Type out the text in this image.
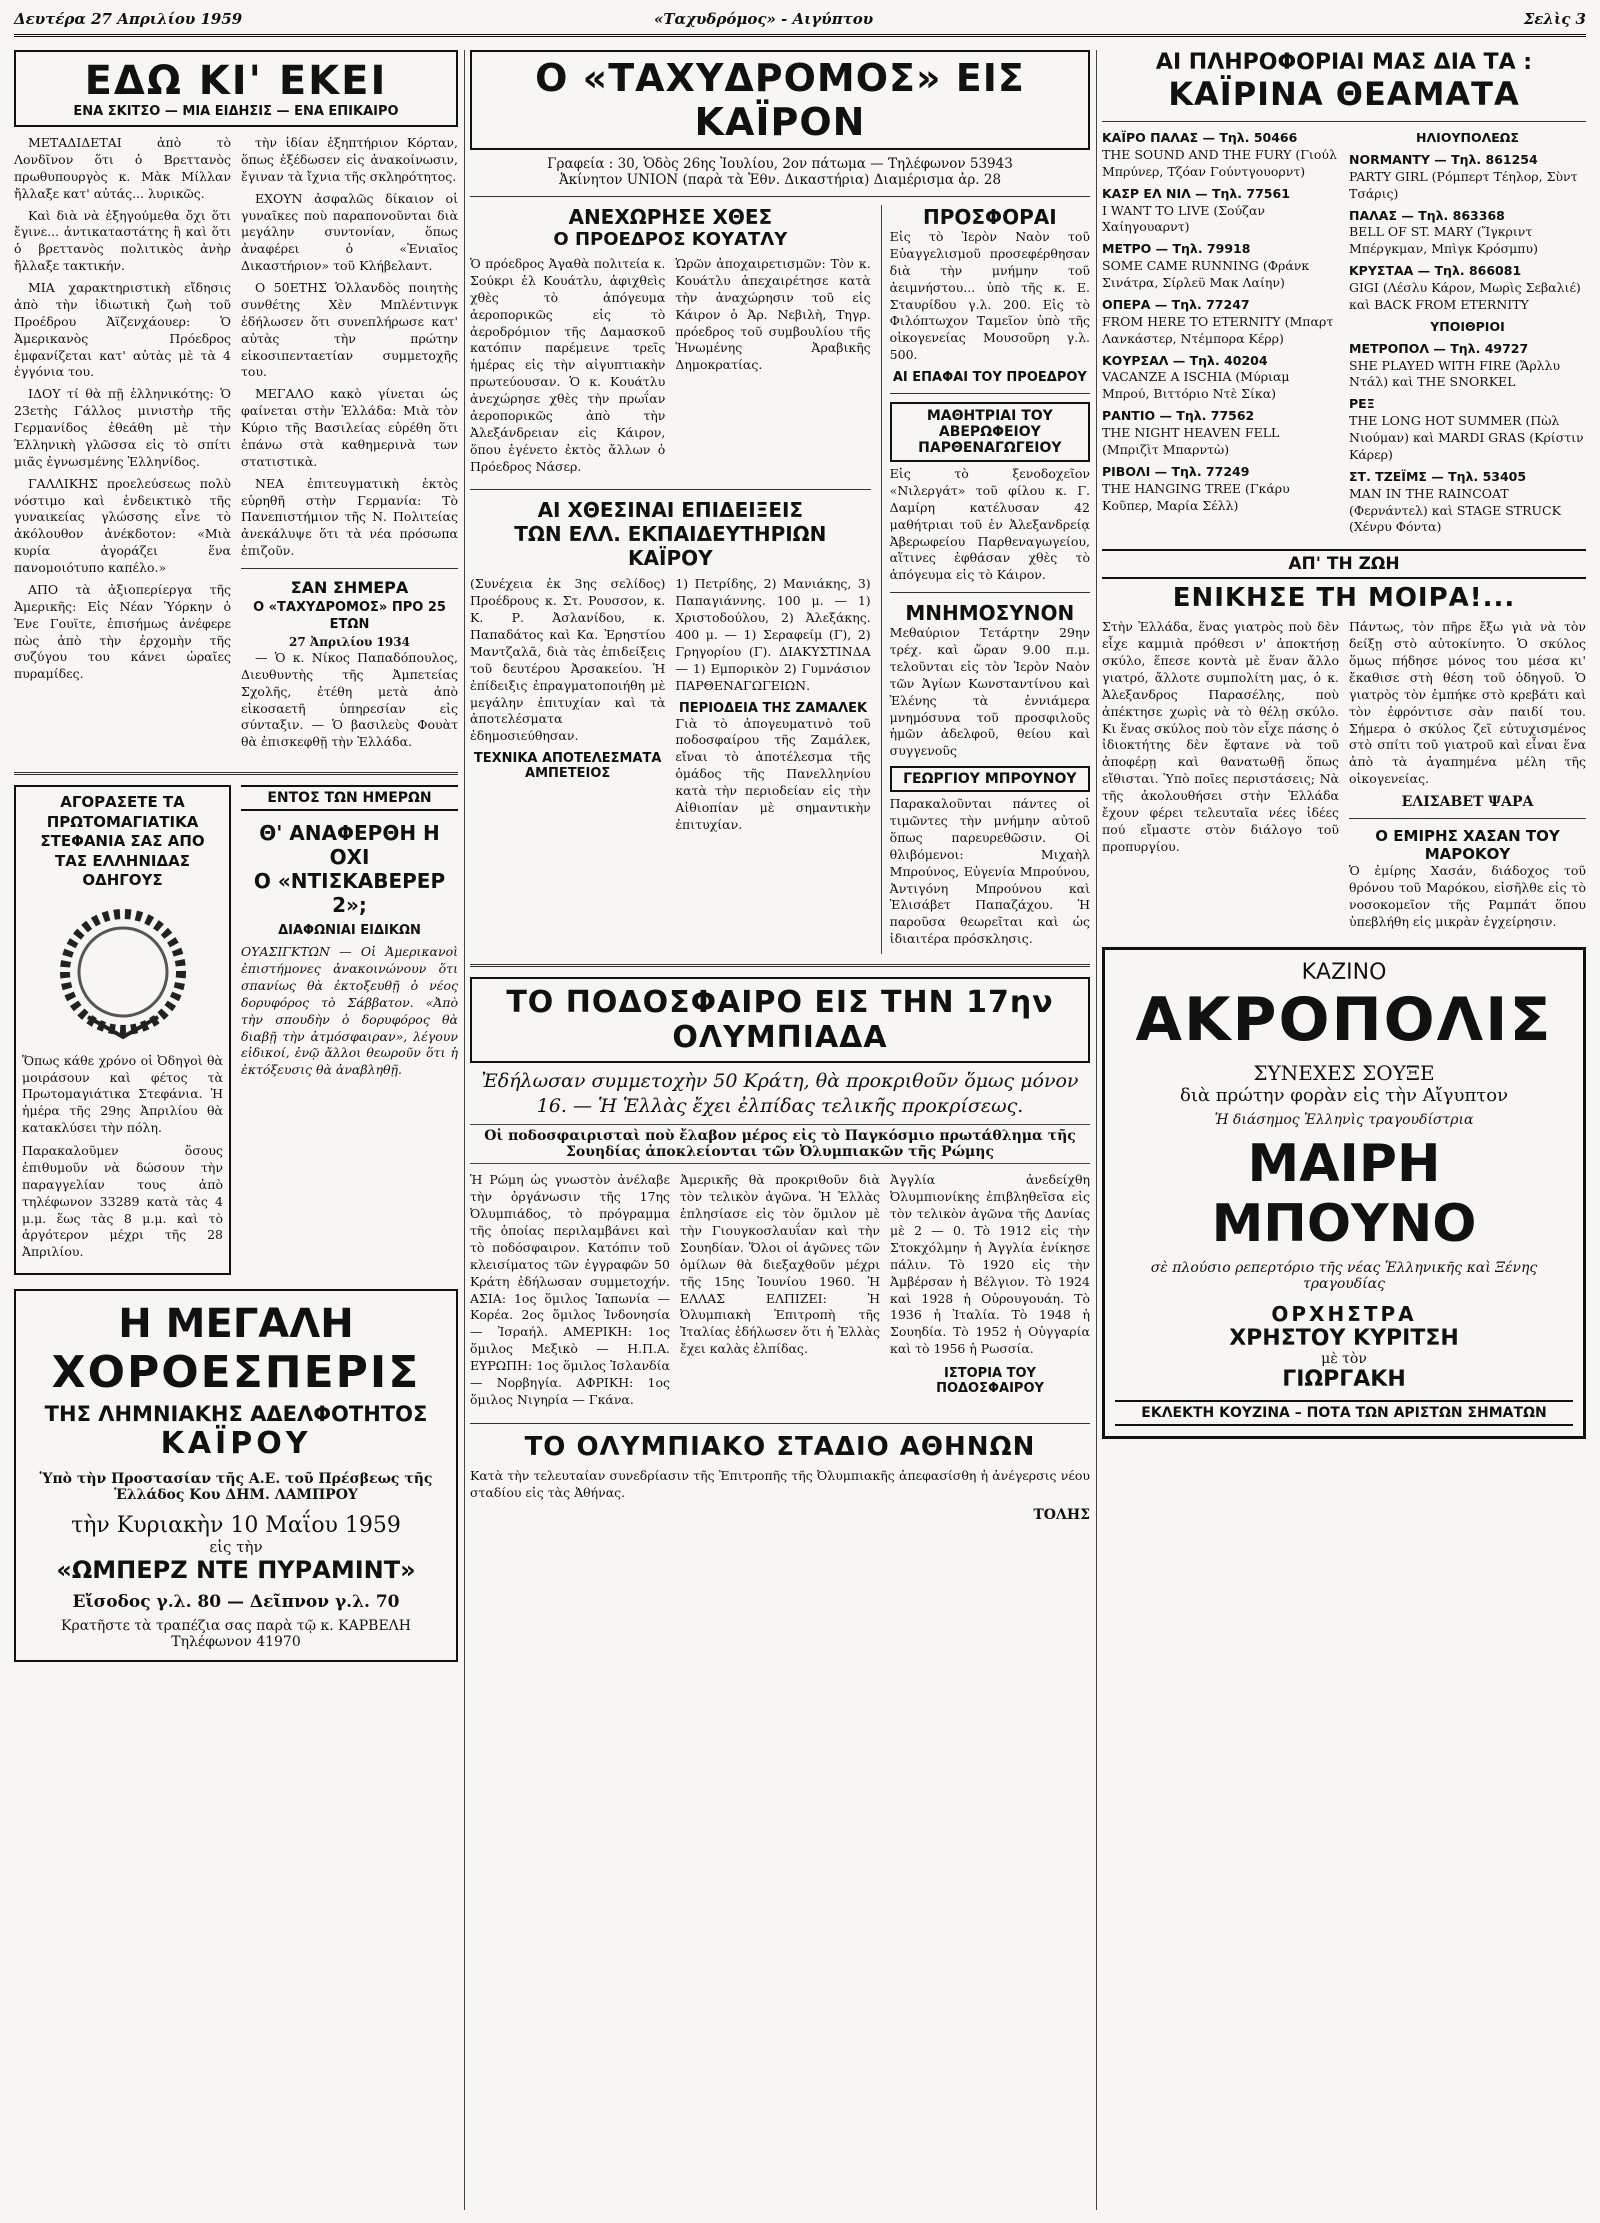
Δευτέρα 27 Απριλίου 1959	«Ταχυδρόμος» - Αιγύπτου	Σελὶς 3
ΕΔΩ ΚΙ' ΕΚΕΙ
ΕΝΑ ΣΚΙΤΣΟ — ΜΙΑ ΕΙΔΗΣΙΣ — ΕΝΑ ΕΠΙΚΑΙΡΟ

ΜΕΤΑΔΙΔΕΤΑΙ ἀπὸ τὸ Λονδῖνον ὅτι ὁ Βρεττανὸς πρωθυπουργὸς κ. Μὰκ Μίλλαν ἤλλαξε κατ' αὐτάς... λυρικῶς.

Καὶ διὰ νὰ ἐξηγούμεθα ὄχι ὅτι ἔγινε... ἀντικαταστάτης ἢ καὶ ὅτι ὁ βρεττανὸς πολιτικὸς ἀνὴρ ἤλλαξε τακτικήν.

ΜΙΑ χαρακτηριστικὴ εἴδησις ἀπὸ τὴν ἰδιωτικὴ ζωὴ τοῦ Προέδρου Ἀϊζενχάουερ: Ὁ Ἀμερικανὸς Πρόεδρος ἐμφανίζεται κατ' αὐτὰς μὲ τὰ 4 ἐγγόνια του.

ΙΔΟΥ τί θὰ πῇ ἑλληνικότης: Ὁ 23ετὴς Γάλλος μινιστὴρ τῆς Γερμανίδος ἐθεάθη μὲ τὴν Ἑλληνικὴ γλῶσσα εἰς τὸ σπίτι μιᾶς ἐγνωσμένης Ἑλληνίδος.

ΓΑΛΛΙΚΗΣ προελεύσεως πολὺ νόστιμο καὶ ἐνδεικτικὸ τῆς γυναικείας γλώσσης εἶνε τὸ ἀκόλουθον ἀνέκδοτον: «Μιὰ κυρία ἀγοράζει ἕνα πανομοιότυπο καπέλο.»

ΑΠΟ τὰ ἀξιοπερίεργα τῆς Ἀμερικῆς: Εἰς Νέαν Ὑόρκην ὁ Ἐνε Γουϊτε, ἐπισήμως ἀνέφερε πὼς ἀπὸ τὴν ἐρχομὴν τῆς συζύγου του κάνει ὡραῖες πυραμίδες.

τὴν ἰδίαν ἐξηπτήριον Κόρταν, ὅπως ἐξέδωσεν εἰς ἀνακοίνωσιν, ἔγιναν τὰ ἴχνια τῆς σκληρότητος.

ΕΧΟΥΝ ἀσφαλῶς δίκαιον οἱ γυναῖκες ποὺ παραπονοῦνται διὰ μεγάλην συντονίαν, ὅπως ἀναφέρει ὁ «Ἐνιαῖος Δικαστήριον» τοῦ Κλήβελαντ.

Ο 50ΕΤΗΣ Ὁλλανδὸς ποιητὴς συνθέτης Χὲν Μπλέντινγκ ἐδήλωσεν ὅτι συνεπλήρωσε κατ' αὐτὰς τὴν πρώτην εἰκοσιπενταετίαν συμμετοχῆς του.

ΜΕΓΑΛΟ κακὸ γίνεται ὡς φαίνεται στὴν Ἑλλάδα: Μιὰ τὸν Κύριο τῆς Βασιλείας εὑρέθη ὅτι ἐπάνω στὰ καθημερινὰ των στατιστικὰ.

ΝΕΑ ἐπιτευγματικὴ ἐκτὸς εὑρηθῆ στὴν Γερμανία: Τὸ Πανεπιστήμιον τῆς Ν. Πολιτείας ἀνεκάλυψε ὅτι τὰ νέα πρόσωπα ἐπιζοῦν.

ΣΑΝ ΣΗΜΕΡΑ
Ο «ΤΑΧΥΔΡΟΜΟΣ» ΠΡΟ 25 ΕΤΩΝ
27 Ἀπριλίου 1934

— Ὁ κ. Νίκος Παπαδόπουλος, Διευθυντὴς τῆς Ἀμπετείας Σχολῆς, ἐτέθη μετὰ ἀπὸ εἰκοσαετῆ ὑπηρεσίαν εἰς σύνταξιν. — Ὁ βασιλεὺς Φουὰτ θὰ ἐπισκεφθῇ τὴν Ἑλλάδα.

ΑΓΟΡΑΣΕΤΕ ΤΑ ΠΡΩΤΟΜΑΓΙΑΤΙΚΑ ΣΤΕΦΑΝΙΑ ΣΑΣ ΑΠΟ ΤΑΣ ΕΛΛΗΝΙΔΑΣ ΟΔΗΓΟΥΣ
Ὅπως κάθε χρόνο οἱ Ὀδηγοὶ θὰ μοιράσουν καὶ φέτος τὰ Πρωτομαγιάτικα Στεφάνια. Ἡ ἡμέρα τῆς 29ης Ἀπριλίου θὰ κατακλύσει τὴν πόλη.
Παρακαλοῦμεν ὅσους ἐπιθυμοῦν νὰ δώσουν τὴν παραγγελίαν τους ἀπὸ τηλέφωνον 33289 κατὰ τὰς 4 μ.μ. ἕως τὰς 8 μ.μ. καὶ τὸ ἀργότερον μέχρι τῆς 28 Ἀπριλίου.
ΕΝΤΟΣ ΤΩΝ ΗΜΕΡΩΝ
Θ' ΑΝΑΦΕΡΘΗ Η ΟΧΙ
Ο «ΝΤΙΣΚΑΒΕΡΕΡ 2»;
ΔΙΑΦΩΝΙΑΙ ΕΙΔΙΚΩΝ
ΟΥΑΣΙΓΚΤΩΝ — Οἱ Ἀμερικανοὶ ἐπιστήμονες ἀνακοινώνουν ὅτι σπανίως θὰ ἐκτοξευθῇ ὁ νέος δορυφόρος τὸ Σάββατον. «Ἀπὸ τὴν σπουδὴν ὁ δορυφόρος θὰ διαβῇ τὴν ἀτμόσφαιραν», λέγουν εἰδικοί, ἐνῷ ἄλλοι θεωροῦν ὅτι ἡ ἐκτόξευσις θὰ ἀναβληθῇ.
Η ΜΕΓΑΛΗ
ΧΟΡΟΕΣΠΕΡΙΣ
ΤΗΣ ΛΗΜΝΙΑΚΗΣ ΑΔΕΛΦΟΤΗΤΟΣ
ΚΑΪΡΟΥ
Ὑπὸ τὴν Προστασίαν τῆς Α.Ε. τοῦ Πρέσβεως τῆς Ἑλλάδος Κου ΔΗΜ. ΛΑΜΠΡΟΥ
τὴν Κυριακὴν 10 Μαΐου 1959
εἰς τὴν
«ΩΜΠΕΡΖ ΝΤΕ ΠΥΡΑΜΙΝΤ»
Εἴσοδος γ.λ. 80 — Δεῖπνον γ.λ. 70
Κρατῆστε τὰ τραπέζια σας παρὰ τῷ κ. ΚΑΡΒΕΛΗ
Τηλέφωνον 41970
Ο «ΤΑΧΥΔΡΟΜΟΣ» ΕΙΣ ΚΑΪΡΟΝ
Γραφεία : 30, Ὁδὸς 26ης Ἰουλίου, 2ον πάτωμα — Τηλέφωνον 53943
Ἀκίνητον UNION (παρὰ τὰ Ἐθν. Δικαστήρια) Διαμέρισμα ἀρ. 28
ΑΝΕΧΩΡΗΣΕ ΧΘΕΣ
Ο ΠΡΟΕΔΡΟΣ ΚΟΥΑΤΛΥ
Ὁ πρόεδρος Ἀγαθὰ πολιτεία κ. Σούκρι ἐλ Κουάτλυ, ἀφιχθεὶς χθὲς τὸ ἀπόγευμα ἀεροπορικῶς εἰς τὸ ἀεροδρόμιον τῆς Δαμασκοῦ κατόπιν παρέμεινε τρεῖς ἡμέρας εἰς τὴν αἰγυπτιακὴν πρωτεύουσαν. Ὁ κ. Κουάτλυ ἀνεχώρησε χθὲς τὴν πρωΐαν ἀεροπορικῶς ἀπὸ τὴν Ἀλεξάνδρειαν εἰς Κάιρον, ὅπου ἐγένετο ἐκτὸς ἄλλων ὁ Πρόεδρος Νάσερ.
Ὡρῶν ἀποχαιρετισμῶν: Τὸν κ. Κουάτλυ ἀπεχαιρέτησε κατὰ τὴν ἀναχώρησιν τοῦ εἰς Κάιρον ὁ Ἀρ. Νεβιλὴ, Τηγρ. πρόεδρος τοῦ συμβουλίου τῆς Ἡνωμένης Ἀραβικῆς Δημοκρατίας.
ΑΙ ΧΘΕΣΙΝΑΙ ΕΠΙΔΕΙΞΕΙΣ
ΤΩΝ ΕΛΛ. ΕΚΠΑΙΔΕΥΤΗΡΙΩΝ ΚΑΪΡΟΥ
(Συνέχεια ἐκ 3ης σελίδος) Προέδρους κ. Στ. Ρουσσον, κ. Κ. Ρ. Ἀσλανίδου, κ. Παπαδάτος καὶ Κα. Ἐρηστίου Μαντζαλᾶ, διὰ τὰς ἐπιδείξεις τοῦ δευτέρου Ἀρσακείου. Ἡ ἐπίδειξις ἐπραγματοποιήθη μὲ μεγάλην ἐπιτυχίαν καὶ τὰ ἀποτελέσματα ἐδημοσιεύθησαν.
ΤΕΧΝΙΚΑ ΑΠΟΤΕΛΕΣΜΑΤΑ ΑΜΠΕΤΕΙΟΣ
1) Πετρίδης, 2) Μανιάκης, 3) Παπαγιάννης. 100 μ. — 1) Χριστοδούλου, 2) Ἀλεξάκης. 400 μ. — 1) Σεραφείμ (Γ), 2) Γρηγορίου (Γ). ΔΙΑΚΥΣΤΙΝΔΑ — 1) Εμπορικὸν 2) Γυμνάσιον ΠΑΡΘΕΝΑΓΩΓΕΙΩΝ.
ΠΕΡΙΟΔΕΙΑ ΤΗΣ ΖΑΜΑΛΕΚ
Γιὰ τὸ ἀπογευματινὸ τοῦ ποδοσφαίρου τῆς Ζαμάλεκ, εἴναι τὸ ἀποτέλεσμα τῆς ὁμάδος τῆς Πανελληνίου κατὰ τὴν περιοδείαν εἰς τὴν Αἰθιοπίαν μὲ σημαντικὴν ἐπιτυχίαν.
ΠΡΟΣΦΟΡΑΙ
Εἰς τὸ Ἱερὸν Ναὸν τοῦ Εὐαγγελισμοῦ προσεφέρθησαν διὰ τὴν μνήμην τοῦ ἀειμνήστου... ὑπὸ τῆς κ. Ε. Σταυρίδου γ.λ. 200. Εἰς τὸ Φιλόπτωχον Ταμεῖον ὑπὸ τῆς οἰκογενείας Μουσοῦρη γ.λ. 500.
ΑΙ ΕΠΑΦΑΙ ΤΟΥ ΠΡΟΕΔΡΟΥ
ΜΑΘΗΤΡΙΑΙ ΤΟΥ ΑΒΕΡΩΦΕΙΟΥ ΠΑΡΘΕΝΑΓΩΓΕΙΟΥ
Εἰς τὸ ξενοδοχεῖον «Νιλεργάτ» τοῦ φίλου κ. Γ. Δαμίρη κατέλυσαν 42 μαθήτριαι τοῦ ἐν Ἀλεξανδρείᾳ Ἀβερωφείου Παρθεναγωγείου, αἵτινες ἐφθάσαν χθὲς τὸ ἀπόγευμα εἰς τὸ Κάιρον.
ΜΝΗΜΟΣΥΝΟΝ
Μεθαύριον Τετάρτην 29ην τρέχ. καὶ ὥραν 9.00 π.μ. τελοῦνται εἰς τὸν Ἱερὸν Ναὸν τῶν Ἁγίων Κωνσταντίνου καὶ Ἑλένης τὰ ἐννιάμερα μνημόσυνα τοῦ προσφιλοῦς ἡμῶν ἀδελφοῦ, θείου καὶ συγγενοῦς
ΓΕΩΡΓΙΟΥ ΜΠΡΟΥΝΟΥ
Παρακαλοῦνται πάντες οἱ τιμῶντες τὴν μνήμην αὐτοῦ ὅπως παρευρεθῶσιν. Οἱ θλιβόμενοι: Μιχαὴλ Μπρούνος, Εὐγενία Μπρούνου, Ἀντιγόνη Μπρούνου καὶ Ἐλισάβετ Παπαζάχου. Ἡ παροῦσα θεωρεῖται καὶ ὡς ἰδιαιτέρα πρόσκλησις.
ΤΟ ΠΟΔΟΣΦΑΙΡΟ ΕΙΣ ΤΗΝ 17ην ΟΛΥΜΠΙΑΔΑ
Ἐδήλωσαν συμμετοχὴν 50 Κράτη, θὰ προκριθοῦν ὅμως μόνον 16. — Ἡ Ἑλλὰς ἔχει ἐλπίδας τελικῆς προκρίσεως.
Οἱ ποδοσφαιρισταὶ ποὺ ἔλαβον μέρος εἰς τὸ Παγκόσμιο πρωτάθλημα τῆς Σουηδίας ἀποκλείονται τῶν Ὀλυμπιακῶν τῆς Ρώμης
Ἡ Ρώμη ὡς γνωστὸν ἀνέλαβε τὴν ὀργάνωσιν τῆς 17ης Ὀλυμπιάδος, τὸ πρόγραμμα τῆς ὁποίας περιλαμβάνει καὶ τὸ ποδόσφαιρον. Κατόπιν τοῦ κλεισίματος τῶν ἐγγραφῶν 50 Κράτη ἐδήλωσαν συμμετοχήν. ΑΣΙΑ: 1ος ὅμιλος Ἰαπωνία — Κορέα. 2ος ὅμιλος Ἰνδονησία — Ἰσραήλ. ΑΜΕΡΙΚΗ: 1ος ὅμιλος Μεξικὸ — Η.Π.Α. ΕΥΡΩΠΗ: 1ος ὅμιλος Ἰσλανδία — Νορβηγία. ΑΦΡΙΚΗ: 1ος ὅμιλος Νιγηρία — Γκάνα.
Ἀμερικῆς θὰ προκριθοῦν διὰ τὸν τελικὸν ἀγῶνα. Ἡ Ἑλλὰς ἐπλησίασε εἰς τὸν ὅμιλον μὲ τὴν Γιουγκοσλαυΐαν καὶ τὴν Σουηδίαν. Ὅλοι οἱ ἀγῶνες τῶν ὁμίλων θὰ διεξαχθοῦν μέχρι τῆς 15ης Ἰουνίου 1960. Ἡ ΕΛΛΑΣ ΕΛΠΙΖΕΙ: Ἡ Ὀλυμπιακὴ Ἐπιτροπὴ τῆς Ἰταλίας ἐδήλωσεν ὅτι ἡ Ἑλλὰς ἔχει καλὰς ἐλπίδας.
Ἀγγλία ἀνεδείχθη Ὀλυμπιονίκης ἐπιβληθεῖσα εἰς τὸν τελικὸν ἀγῶνα τῆς Δανίας μὲ 2 — 0. Τὸ 1912 εἰς τὴν Στοκχόλμην ἡ Ἀγγλία ἐνίκησε πάλιν. Τὸ 1920 εἰς τὴν Ἀμβέρσαν ἡ Βέλγιον. Τὸ 1924 καὶ 1928 ἡ Οὐρουγουάη. Τὸ 1936 ἡ Ἰταλία. Τὸ 1948 ἡ Σουηδία. Τὸ 1952 ἡ Οὑγγαρία καὶ τὸ 1956 ἡ Ρωσσία.
ΙΣΤΟΡΙΑ ΤΟΥ ΠΟΔΟΣΦΑΙΡΟΥ
ΤΟ ΟΛΥΜΠΙΑΚΟ ΣΤΑΔΙΟ ΑΘΗΝΩΝ
Κατὰ τὴν τελευταίαν συνεδρίασιν τῆς Ἐπιτροπῆς τῆς Ὀλυμπιακῆς ἀπεφασίσθη ἡ ἀνέγερσις νέου σταδίου εἰς τὰς Ἀθήνας.
ΤΟΛΗΣ
ΑΙ ΠΛΗΡΟΦΟΡΙΑΙ ΜΑΣ ΔΙΑ ΤΑ :
ΚΑΪΡΙΝΑ ΘΕΑΜΑΤΑ
ΚΑΪΡΟ ΠΑΛΑΣ — Τηλ. 50466
THE SOUND AND THE FURY (Γιούλ Μπρύνερ, Τζόαν Γούντγουορντ)
ΚΑΣΡ ΕΛ ΝΙΛ — Τηλ. 77561
I WANT TO LIVE (Σούζαν Χαίηγουαρντ)
ΜΕΤΡΟ — Τηλ. 79918
SOME CAME RUNNING (Φράνκ Σινάτρα, Σίρλεϋ Μακ Λαίην)
ΟΠΕΡΑ — Τηλ. 77247
FROM HERE TO ETERNITY (Μπαρτ Λανκάστερ, Ντέμπορα Κέρρ)
ΚΟΥΡΣΑΛ — Τηλ. 40204
VACANZE A ISCHIA (Μύριαμ Μπρού, Βιττόριο Ντὲ Σίκα)
ΡΑΝΤΙΟ — Τηλ. 77562
THE NIGHT HEAVEN FELL (Μπριζὶτ Μπαρντὼ)
ΡΙΒΟΛΙ — Τηλ. 77249
THE HANGING TREE (Γκάρυ Κοῦπερ, Μαρία Σέλλ)
ΗΛΙΟΥΠΟΛΕΩΣ
NORMANTY — Τηλ. 861254
PARTY GIRL (Ρόμπερτ Τέηλορ, Σὺντ Τσάρις)
ΠΑΛΑΣ — Τηλ. 863368
BELL OF ST. MARY (Ἴγκριντ Μπέργκμαν, Μπὶγκ Κρόσμπυ)
ΚΡΥΣΤΑΑ — Τηλ. 866081
GIGI (Λέσλυ Κάρον, Μωρὶς Σεβαλιέ) καὶ BACK FROM ETERNITY
ΥΠΟΙΘΡΙΟΙ
ΜΕΤΡΟΠΟΛ — Τηλ. 49727
SHE PLAYED WITH FIRE (Ἄρλλυ Ντάλ) καὶ THE SNORKEL
ΡΕΞ
THE LONG HOT SUMMER (Πὼλ Νιούμαν) καὶ MARDI GRAS (Κρίστιν Κάρερ)
ΣΤ. ΤΖΕΪΜΣ — Τηλ. 53405
MAN IN THE RAINCOAT (Φερνάντελ) καὶ STAGE STRUCK (Χένρυ Φόντα)
ΑΠ' ΤΗ ΖΩΗ
ΕΝΙΚΗΣΕ ΤΗ ΜΟΙΡΑ!...
Στὴν Ἑλλάδα, ἕνας γιατρὸς ποὺ δὲν εἶχε καμμιὰ πρόθεσι ν' ἀποκτήσῃ σκύλο, ἕπεσε κοντὰ μὲ ἕναν ἄλλο γιατρό, ἄλλοτε συμπολίτη μας, ὁ κ. Ἀλεξανδρος Παρασέλης, ποὺ ἀπέκτησε χωρὶς νὰ τὸ θέλῃ σκύλο. Κι ἕνας σκύλος ποὺ τὸν εἶχε πάσης ὁ ἰδιοκτήτης δὲν ἔφτανε νὰ τοῦ ἀποφέρῃ καὶ θανατωθῇ ὅπως εἴθισται. Ὑπὸ ποῖες περιστάσεις; Νὰ τῆς ἀκολουθήσει στὴν Ἑλλάδα ἔχουν φέρει τελευταῖα νέες ἰδέες πού εἴμαστε στὸν διάλογο τοῦ προπυργίου.
Πάντως, τὸν πῆρε ἔξω γιὰ νὰ τὸν δείξῃ στὸ αὐτοκίνητο. Ὁ σκύλος ὅμως πήδησε μόνος του μέσα κι' ἔκαθισε στὴ θέση τοῦ ὁδηγοῦ. Ὁ γιατρὸς τὸν ἐμπήκε στὸ κρεβάτι καὶ τὸν ἐφρόντισε σὰν παιδί του. Σήμερα ὁ σκύλος ζεῖ εὐτυχισμένος στὸ σπίτι τοῦ γιατροῦ καὶ εἶναι ἕνα ἀπὸ τὰ ἀγαπημένα μέλη τῆς οἰκογενείας.
ΕΛΙΣΑΒΕΤ ΨΑΡΑ
Ο ΕΜΙΡΗΣ ΧΑΣΑΝ ΤΟΥ ΜΑΡΟΚΟΥ
Ὁ ἐμίρης Χασάν, διάδοχος τοῦ θρόνου τοῦ Μαρόκου, εἰσῆλθε εἰς τὸ νοσοκομεῖον τῆς Ραμπάτ ὅπου ὑπεβλήθη εἰς μικρὰν ἐγχείρησιν.
ΚΑΖΙΝΟ
ΑΚΡΟΠΟΛΙΣ
ΣΥΝΕΧΕΣ ΣΟΥΞΕ
διὰ πρώτην φορὰν εἰς τὴν Αἴγυπτον
Ἡ διάσημος Ἑλληνὶς τραγουδίστρια
ΜΑΙΡΗ ΜΠΟΥΝΟ
σὲ πλούσιο ρεπερτόριο τῆς νέας Ἑλληνικῆς καὶ Ξένης τραγουδίας
ΟΡΧΗΣΤΡΑ
ΧΡΗΣΤΟΥ ΚΥΡΙΤΣΗ
μὲ τὸν
ΓΙΩΡΓΑΚΗ
ΕΚΛΕΚΤΗ ΚΟΥΖΙΝΑ – ΠΟΤΑ ΤΩΝ ΑΡΙΣΤΩΝ ΣΗΜΑΤΩΝ
